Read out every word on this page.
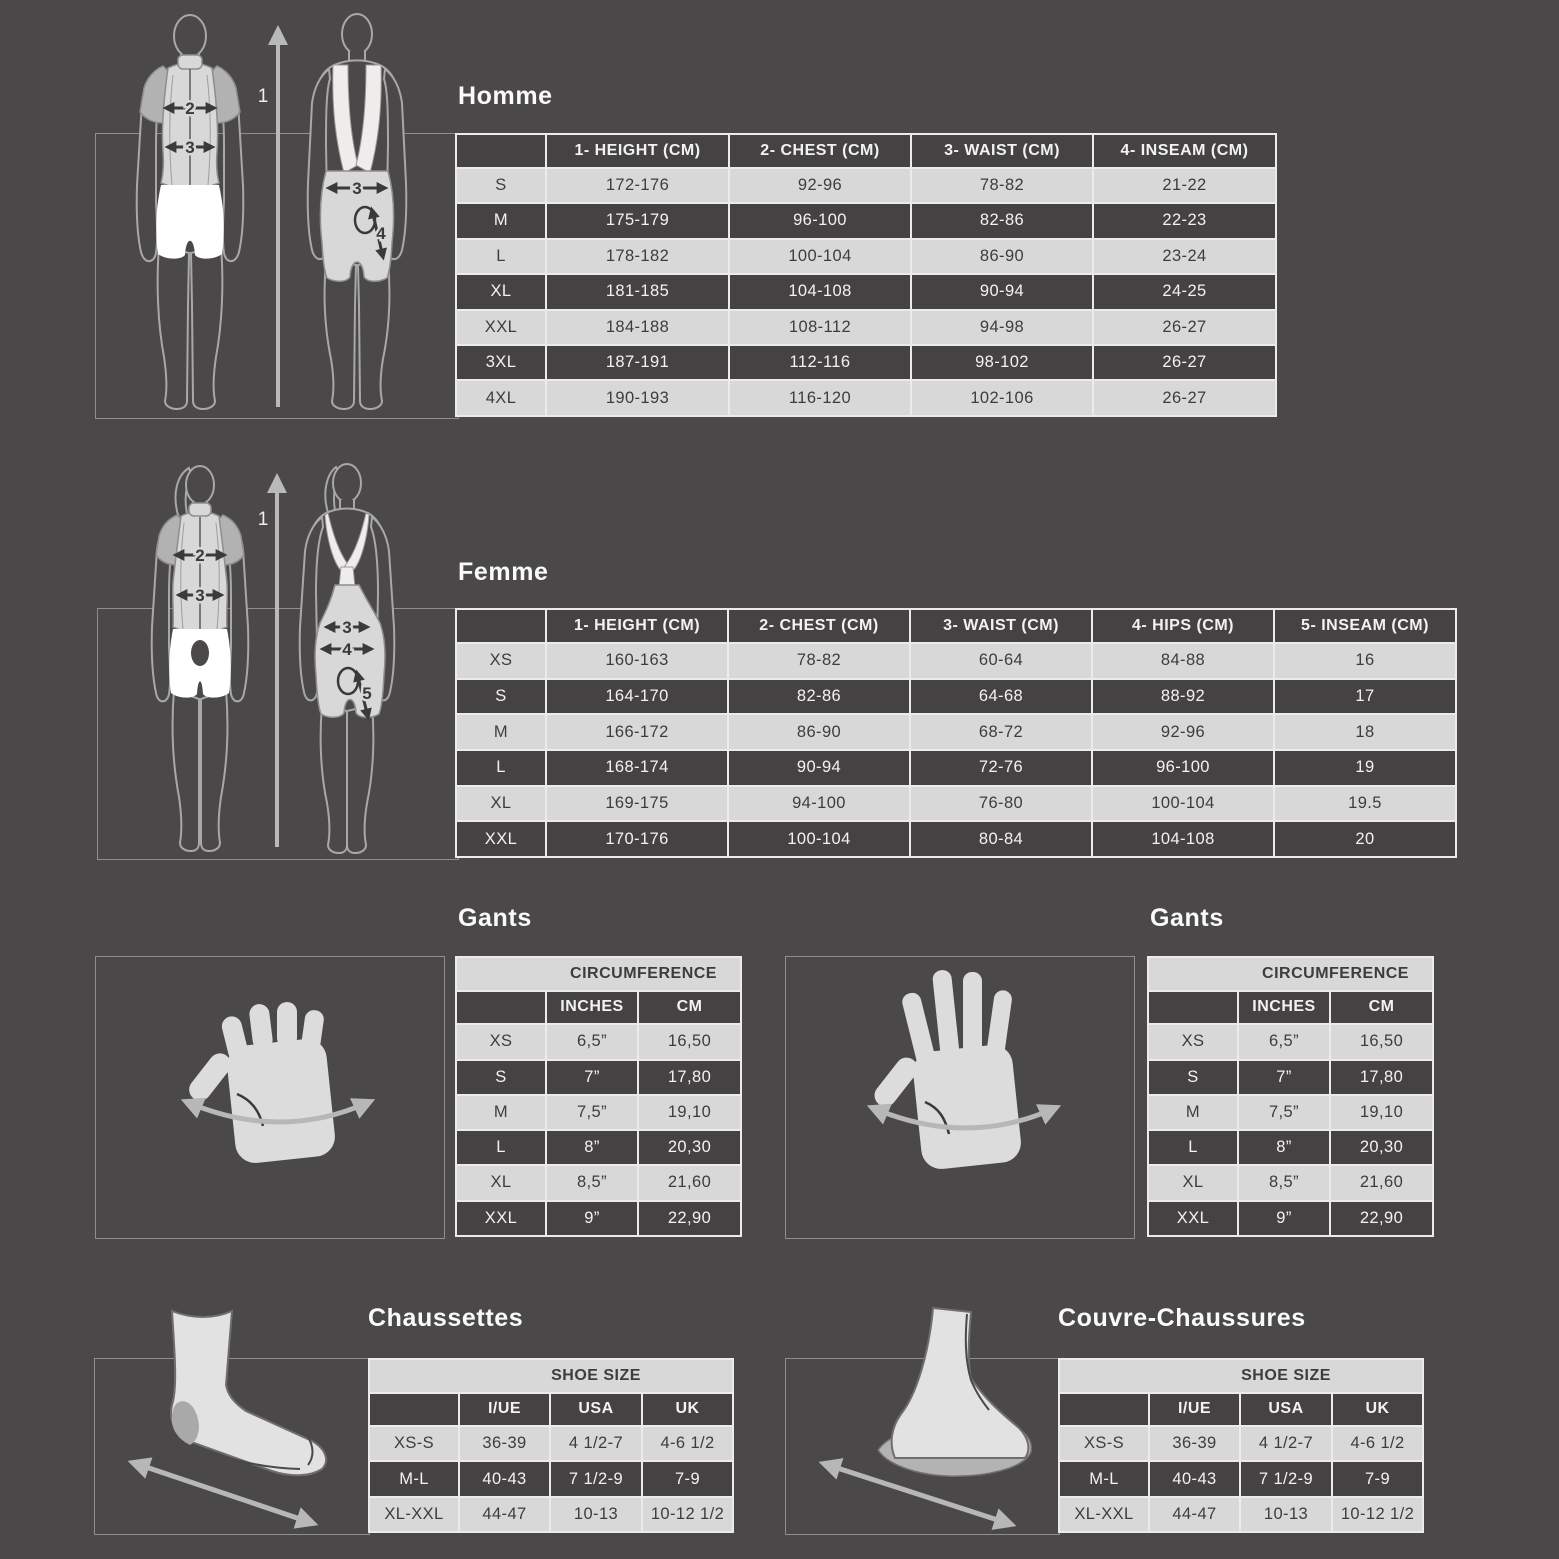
Homme
2
3
1
3
4
	1- HEIGHT (CM)	2- CHEST (CM)	3- WAIST (CM)	4- INSEAM (CM)
S	172-176	92-96	78-82	21-22
M	175-179	96-100	82-86	22-23
L	178-182	100-104	86-90	23-24
XL	181-185	104-108	90-94	24-25
XXL	184-188	108-112	94-98	26-27
3XL	187-191	112-116	98-102	26-27
4XL	190-193	116-120	102-106	26-27
Femme
2
3
1
3
4
5
	1- HEIGHT (CM)	2- CHEST (CM)	3- WAIST (CM)	4- HIPS (CM)	5- INSEAM (CM)
XS	160-163	78-82	60-64	84-88	16
S	164-170	82-86	64-68	88-92	17
M	166-172	86-90	68-72	92-96	18
L	168-174	90-94	72-76	96-100	19
XL	169-175	94-100	76-80	100-104	19.5
XXL	170-176	100-104	80-84	104-108	20
Gants
CIRCUMFERENCE		
	INCHES	CM
XS	6,5”	16,50
S	7”	17,80
M	7,5”	19,10
L	8”	20,30
XL	8,5”	21,60
XXL	9”	22,90
Gants
CIRCUMFERENCE		
	INCHES	CM
XS	6,5”	16,50
S	7”	17,80
M	7,5”	19,10
L	8”	20,30
XL	8,5”	21,60
XXL	9”	22,90
Chaussettes
SHOE SIZE			
	I/UE	USA	UK
XS-S	36-39	4 1/2-7	4-6 1/2
M-L	40-43	7 1/2-9	7-9
XL-XXL	44-47	10-13	10-12 1/2
Couvre-Chaussures
SHOE SIZE			
	I/UE	USA	UK
XS-S	36-39	4 1/2-7	4-6 1/2
M-L	40-43	7 1/2-9	7-9
XL-XXL	44-47	10-13	10-12 1/2
